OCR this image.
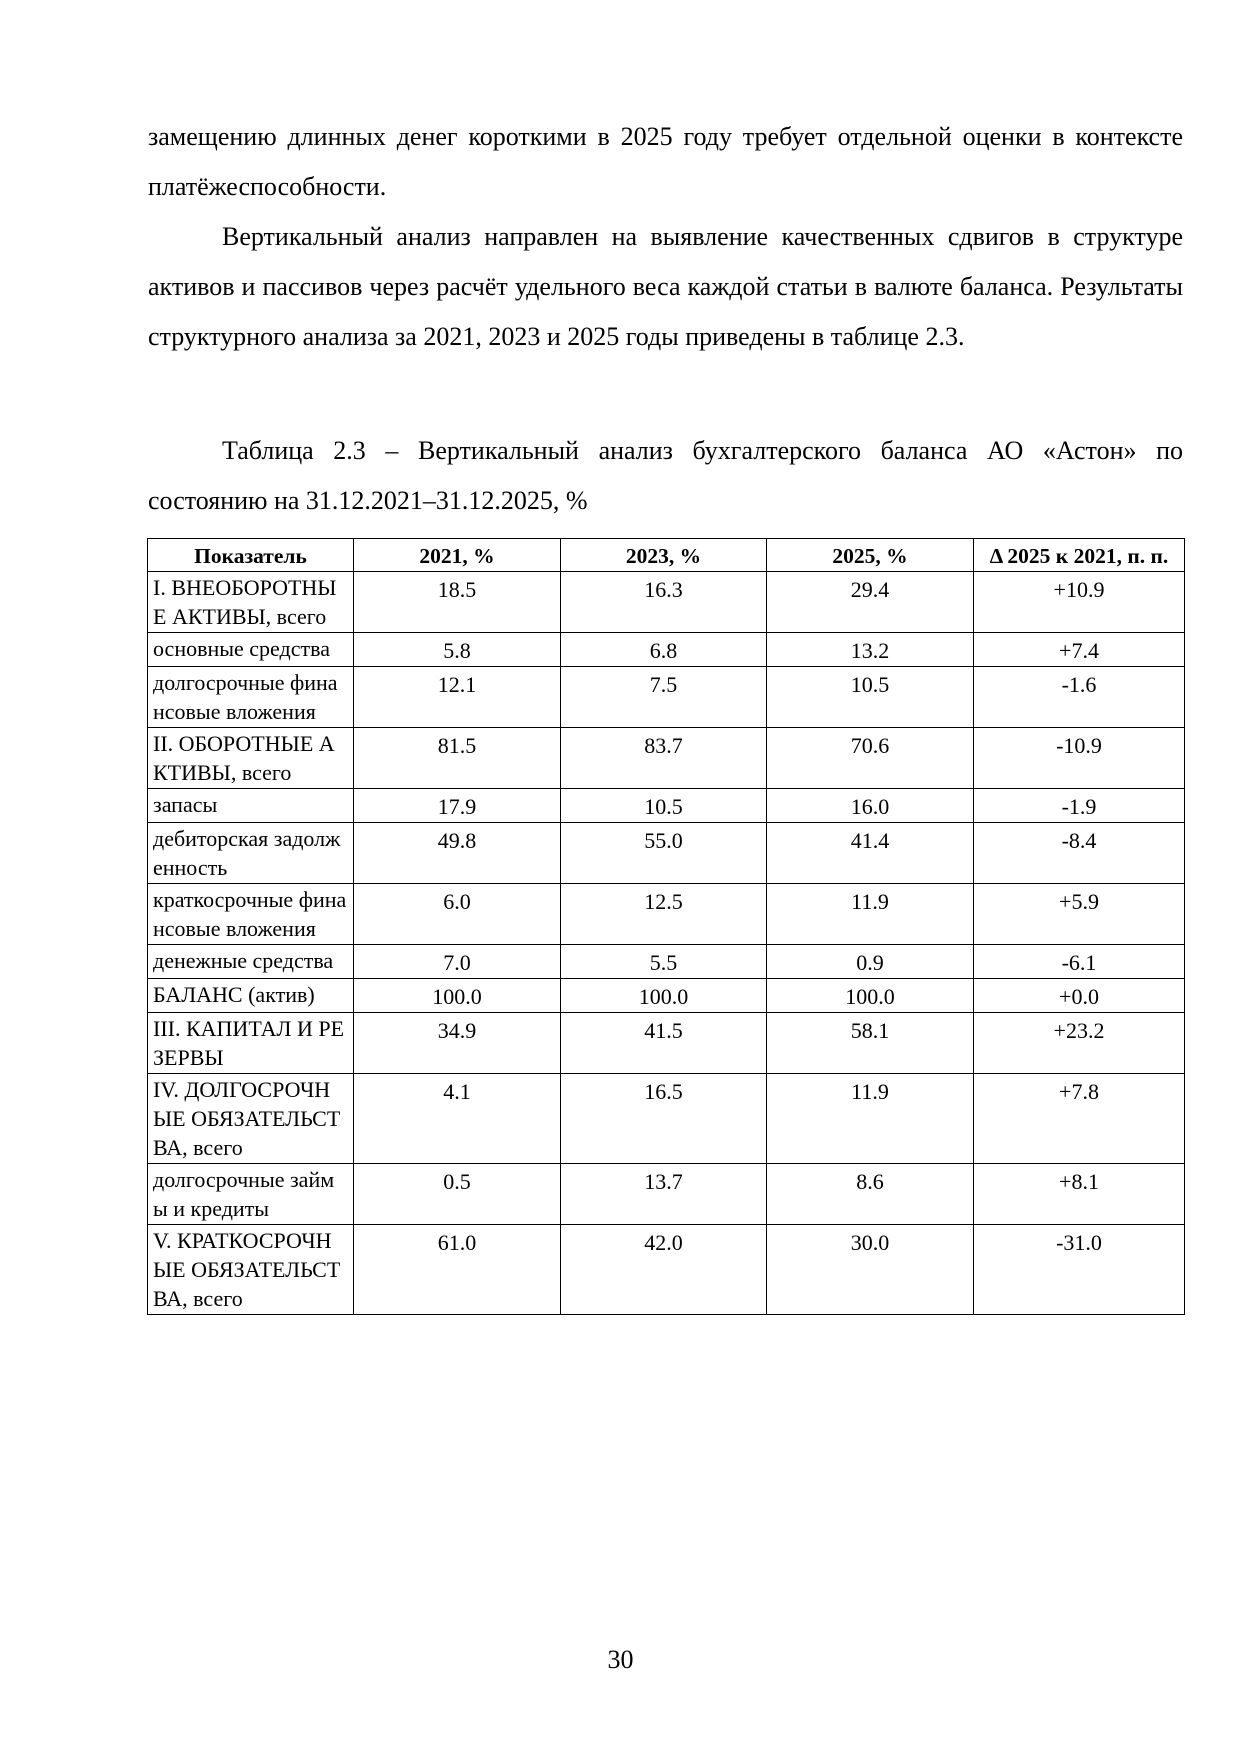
замещению длинных денег короткими в 2025 году требует отдельной оценки в контексте платёжеспособности.
Вертикальный анализ направлен на выявление качественных сдвигов в структуре активов и пассивов через расчёт удельного веса каждой статьи в валюте баланса. Результаты структурного анализа за 2021, 2023 и 2025 годы приведены в таблице 2.3.
Таблица 2.3 – Вертикальный анализ бухгалтерского баланса АО «Астон» по состоянию на 31.12.2021–31.12.2025, %
Показатель	2021, %	2023, %	2025, %	Δ 2025 к 2021, п. п.
I. ВНЕОБОРОТНЫЕ АКТИВЫ, всего	18.5	16.3	29.4	+10.9
основные средства	5.8	6.8	13.2	+7.4
долгосрочные финансовые вложения	12.1	7.5	10.5	-1.6
II. ОБОРОТНЫЕ АКТИВЫ, всего	81.5	83.7	70.6	-10.9
запасы	17.9	10.5	16.0	-1.9
дебиторская задолженность	49.8	55.0	41.4	-8.4
краткосрочные финансовые вложения	6.0	12.5	11.9	+5.9
денежные средства	7.0	5.5	0.9	-6.1
БАЛАНС (актив)	100.0	100.0	100.0	+0.0
III. КАПИТАЛ И РЕЗЕРВЫ	34.9	41.5	58.1	+23.2
IV. ДОЛГОСРОЧНЫЕ ОБЯЗАТЕЛЬСТВА, всего	4.1	16.5	11.9	+7.8
долгосрочные займы и кредиты	0.5	13.7	8.6	+8.1
V. КРАТКОСРОЧНЫЕ ОБЯЗАТЕЛЬСТВА, всего	61.0	42.0	30.0	-31.0
30
